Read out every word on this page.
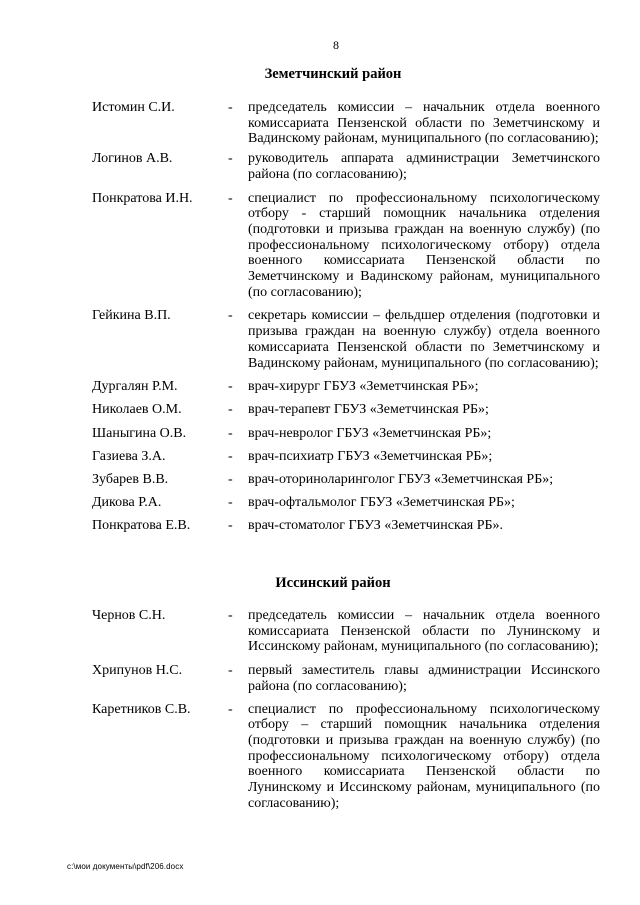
8
Земетчинский район
Истомин С.И.	- председатель комиссии – начальник отдела военного комиссариата Пензенской области по Земетчинскому и Вадинскому районам, муниципального (по согласованию);
Логинов А.В.	- руководитель аппарата администрации Земетчинского района (по согласованию);
Понкратова И.Н.	- специалист по профессиональному психологическому отбору - старший помощник начальника отделения (подготовки и призыва граждан на военную службу) (по профессиональному психологическому отбору) отдела военного комиссариата Пензенской области по Земетчинскому и Вадинскому районам, муниципального (по согласованию);
Гейкина В.П.	- секретарь комиссии – фельдшер отделения (подготовки и призыва граждан на военную службу) отдела военного комиссариата Пензенской области по Земетчинскому и Вадинскому районам, муниципального (по согласованию);
Дургалян Р.М.	- врач-хирург ГБУЗ «Земетчинская РБ»;
Николаев О.М.	- врач-терапевт ГБУЗ «Земетчинская РБ»;
Шаныгина О.В.	- врач-невролог ГБУЗ «Земетчинская РБ»;
Газиева З.А.	- врач-психиатр ГБУЗ «Земетчинская РБ»;
Зубарев В.В.	- врач-оториноларинголог ГБУЗ «Земетчинская РБ»;
Дикова Р.А.	- врач-офтальмолог ГБУЗ «Земетчинская РБ»;
Понкратова Е.В.	- врач-стоматолог ГБУЗ «Земетчинская РБ».
Иссинский район
Чернов С.Н.	- председатель комиссии – начальник отдела военного комиссариата Пензенской области по Лунинскому и Иссинскому районам, муниципального (по согласованию);
Хрипунов Н.С.	- первый заместитель главы администрации Иссинского района (по согласованию);
Каретников С.В.	- специалист по профессиональному психологическому отбору – старший помощник начальника отделения (подготовки и призыва граждан на военную службу) (по профессиональному психологическому отбору) отдела военного комиссариата Пензенской области по Лунинскому и Иссинскому районам, муниципального (по согласованию);
c:\мои документы\pdf\206.docx
